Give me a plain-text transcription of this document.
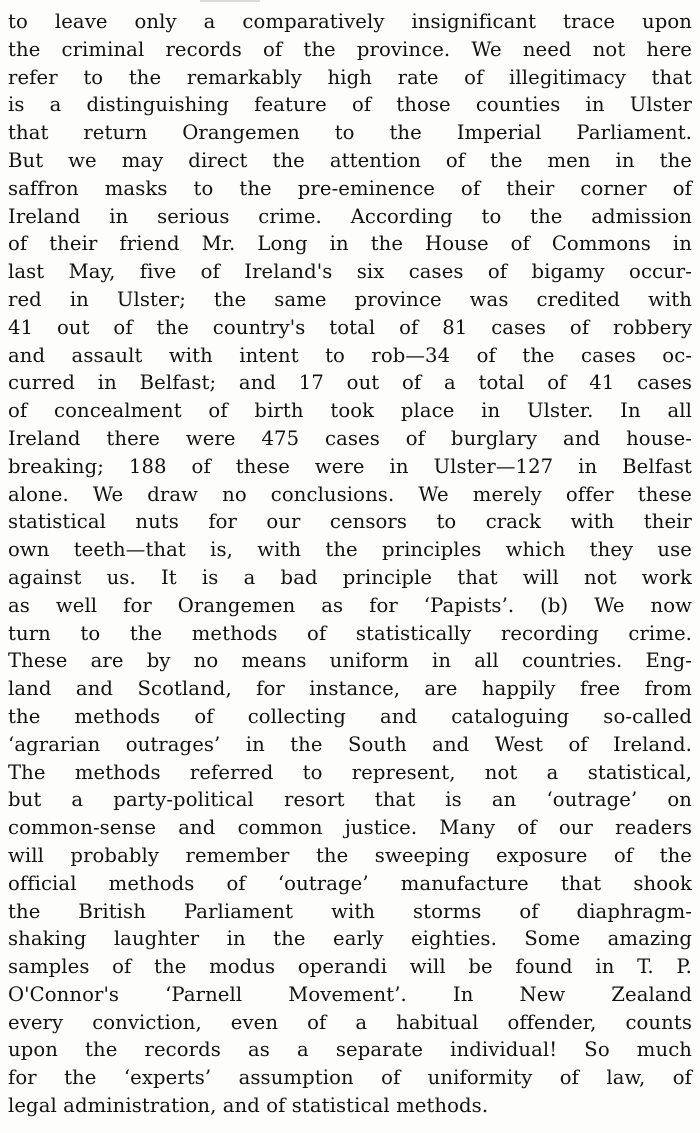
to leave only a comparatively insignificant trace upon
the criminal records of the province. We need not here
refer to the remarkably high rate of illegitimacy that
is a distinguishing feature of those counties in Ulster
that return Orangemen to the Imperial Parliament.
But we may direct the attention of the men in the
saffron masks to the pre-eminence of their corner of
Ireland in serious crime. According to the admission
of their friend Mr. Long in the House of Commons in
last May, five of Ireland's six cases of bigamy occur-
red in Ulster; the same province was credited with
41 out of the country's total of 81 cases of robbery
and assault with intent to rob—34 of the cases oc-
curred in Belfast; and 17 out of a total of 41 cases
of concealment of birth took place in Ulster. In all
Ireland there were 475 cases of burglary and house-
breaking; 188 of these were in Ulster—127 in Belfast
alone. We draw no conclusions. We merely offer these
statistical nuts for our censors to crack with their
own teeth—that is, with the principles which they use
against us. It is a bad principle that will not work
as well for Orangemen as for ‘Papists’. (b) We now
turn to the methods of statistically recording crime.
These are by no means uniform in all countries. Eng-
land and Scotland, for instance, are happily free from
the methods of collecting and cataloguing so-called
‘agrarian outrages’ in the South and West of Ireland.
The methods referred to represent, not a statistical,
but a party-political resort that is an ‘outrage’ on
common-sense and common justice. Many of our readers
will probably remember the sweeping exposure of the
official methods of ‘outrage’ manufacture that shook
the British Parliament with storms of diaphragm-
shaking laughter in the early eighties. Some amazing
samples of the modus operandi will be found in T. P.
O'Connor's ‘Parnell Movement’. In New Zealand
every conviction, even of a habitual offender, counts
upon the records as a separate individual! So much
for the ‘experts’ assumption of uniformity of law, of
legal administration, and of statistical methods.
